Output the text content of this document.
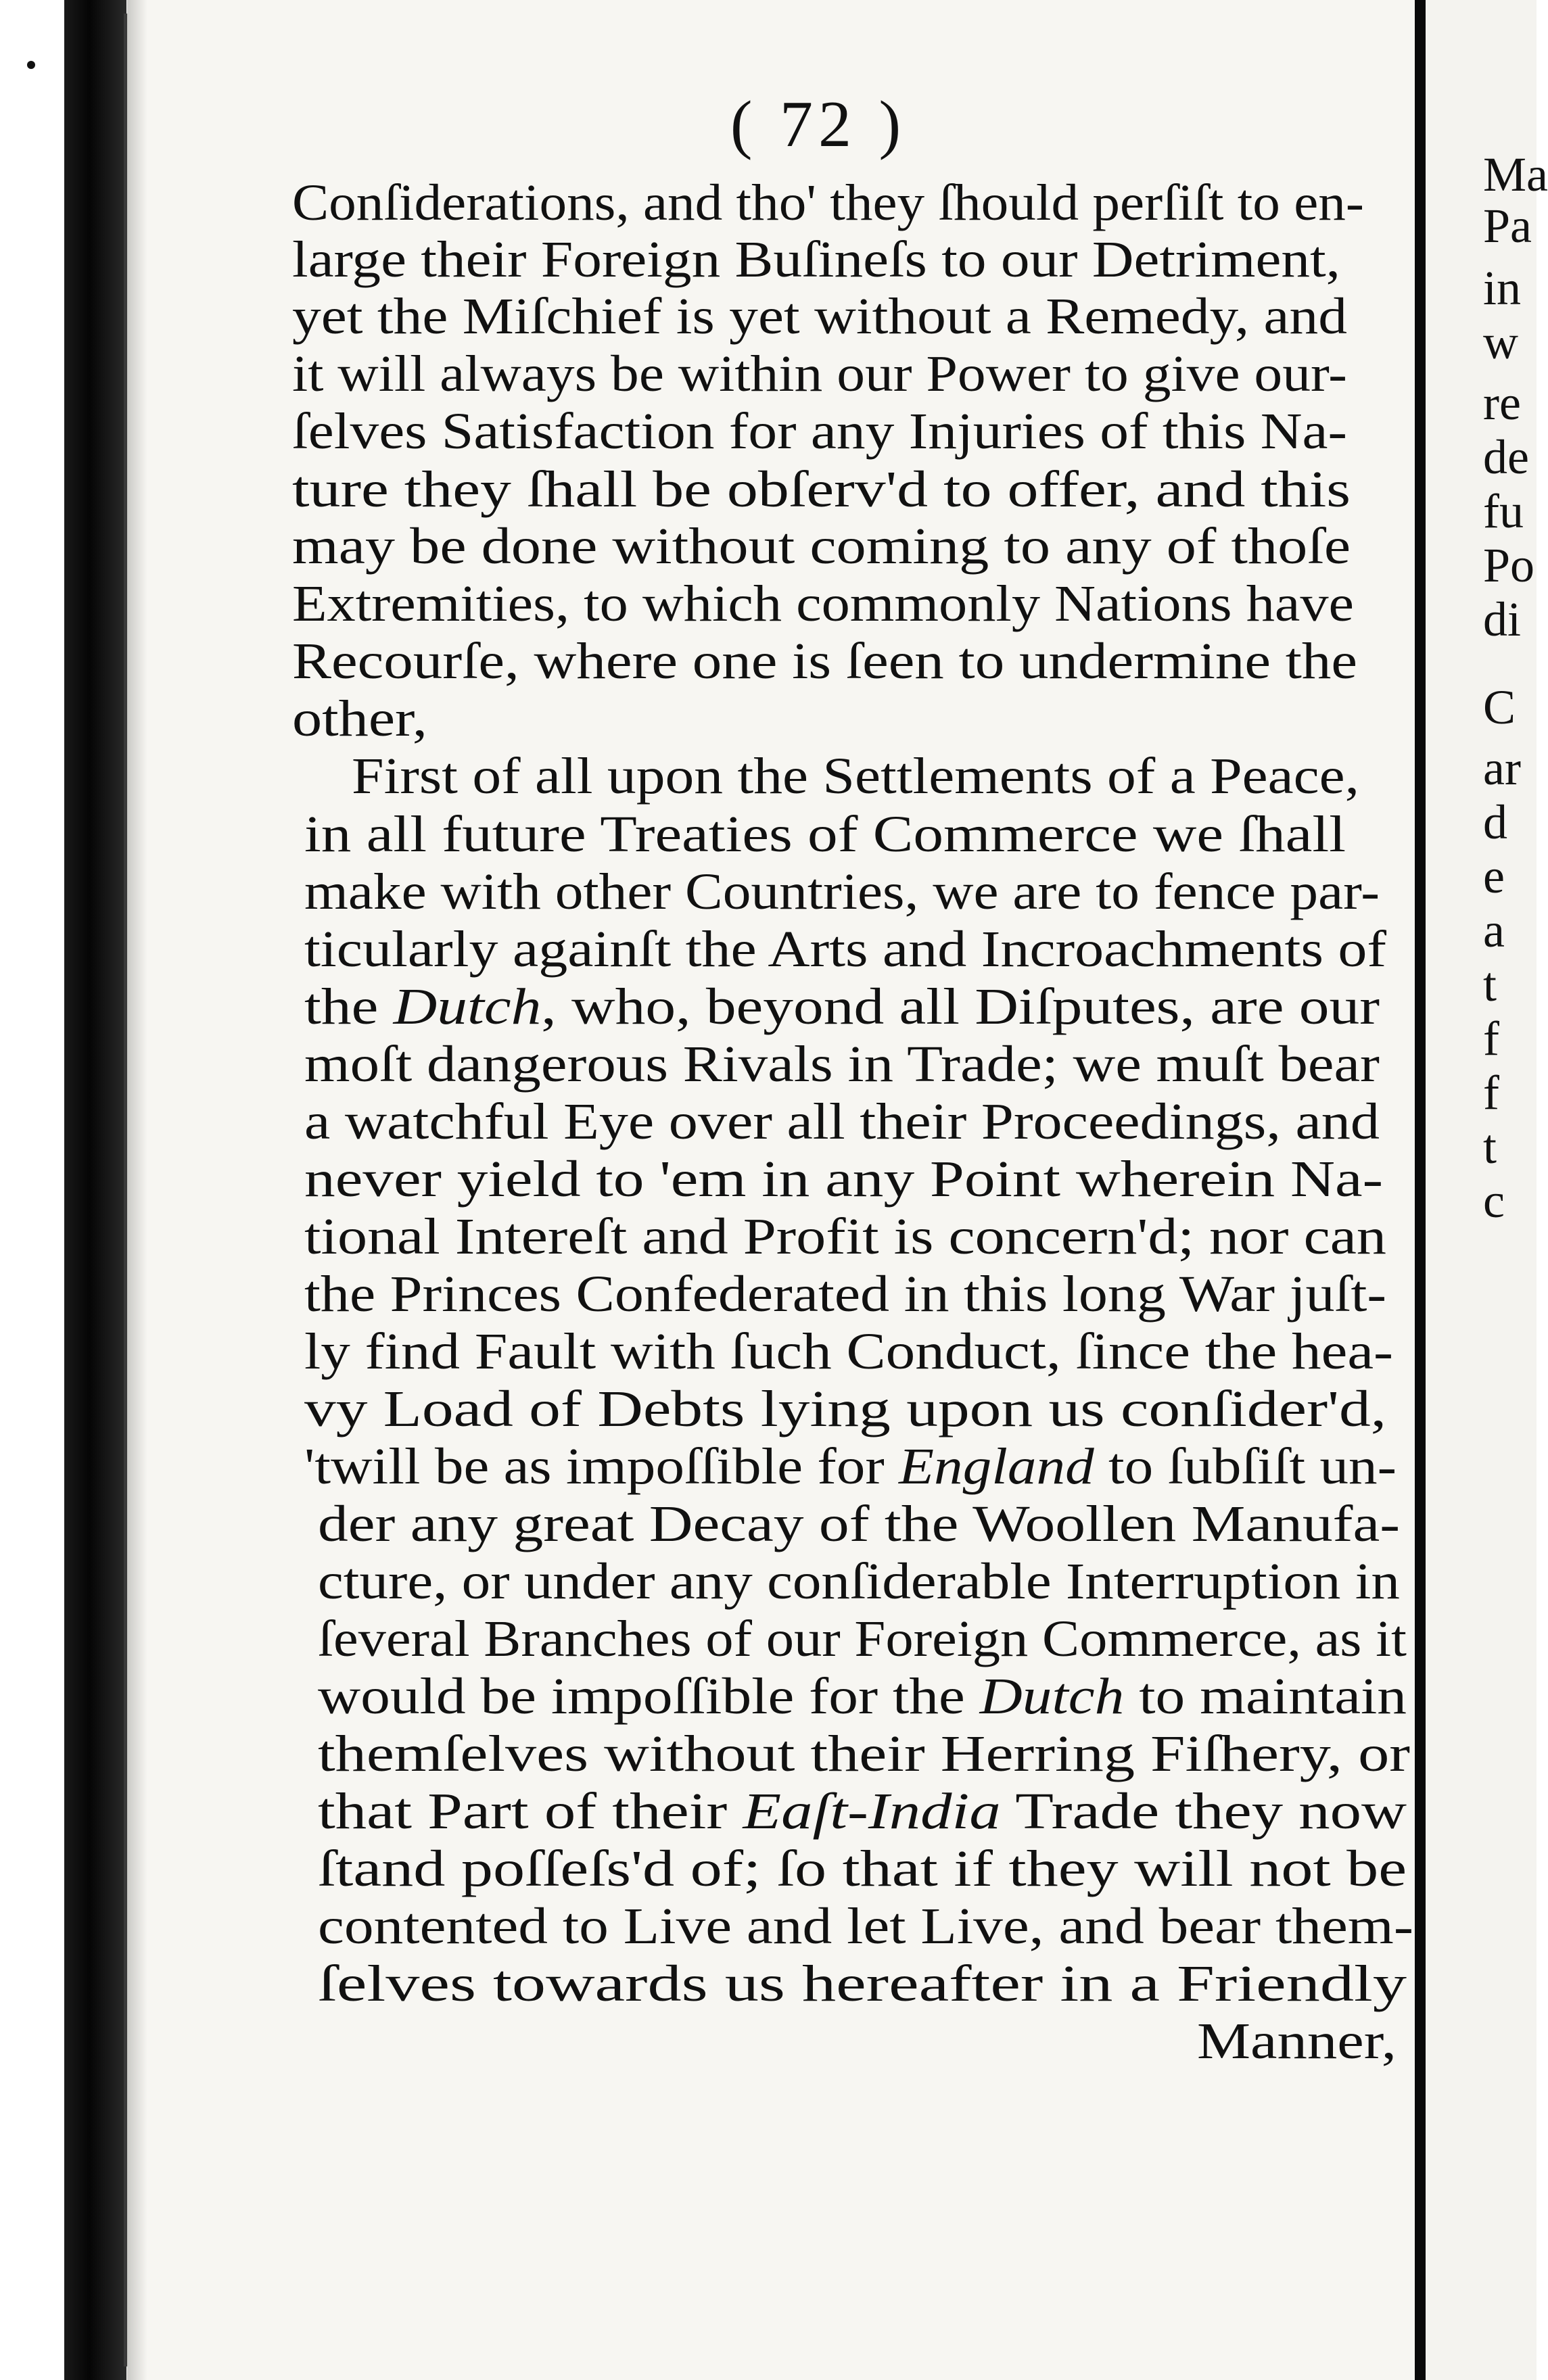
( 72 )
Conſiderations, and tho' they ſhould perſiſt to en-
large their Foreign Buſineſs to our Detriment,
yet the Miſchief is yet without a Remedy, and
it will always be within our Power to give our-
ſelves Satisfaction for any Injuries of this Na-
ture they ſhall be obſerv'd to offer, and this
may be done without coming to any of thoſe
Extremities, to which commonly Nations have
Recourſe, where one is ſeen to undermine the
other,
First of all upon the Settlements of a Peace,
in all future Treaties of Commerce we ſhall
make with other Countries, we are to fence par-
ticularly againſt the Arts and Incroachments of
the Dutch, who, beyond all Diſputes, are our
moſt dangerous Rivals in Trade; we muſt bear
a watchful Eye over all their Proceedings, and
never yield to 'em in any Point wherein Na-
tional Intereſt and Profit is concern'd; nor can
the Princes Confederated in this long War juſt-
ly find Fault with ſuch Conduct, ſince the hea-
vy Load of Debts lying upon us conſider'd,
'twill be as impoſſible for England to ſubſiſt un-
der any great Decay of the Woollen Manufa-
cture, or under any conſiderable Interruption in
ſeveral Branches of our Foreign Commerce, as it
would be impoſſible for the Dutch to maintain
themſelves without their Herring Fiſhery, or
that Part of their Eaſt-India Trade they now
ſtand poſſeſs'd of; ſo that if they will not be
contented to Live and let Live, and bear them-
ſelves towards us hereafter in a Friendly
Manner,
Ma
Pa
in
w
re
de
fu
Po
di
C
ar
d
e
a
t
f
f
t
c
